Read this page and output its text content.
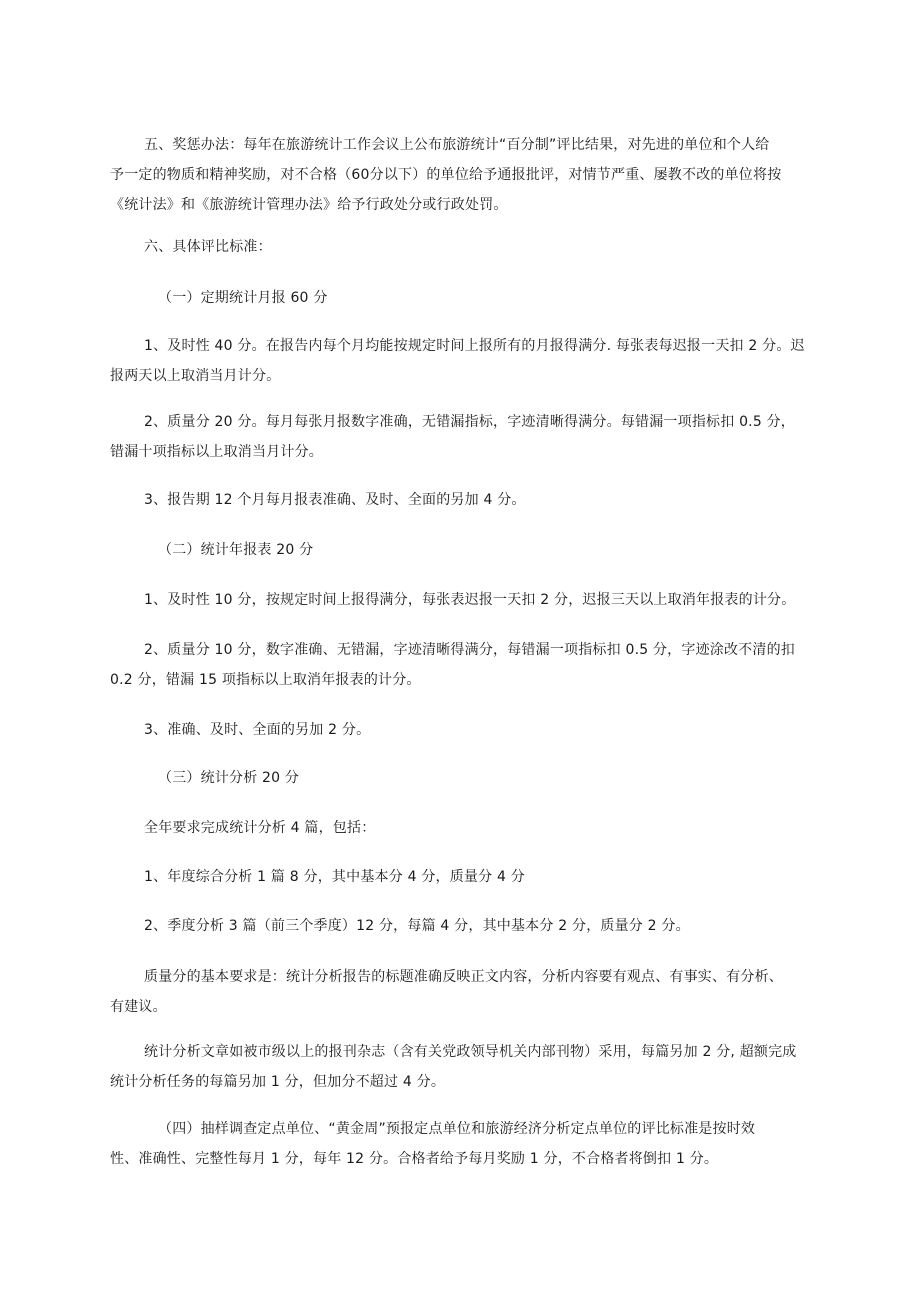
五、奖惩办法：每年在旅游统计工作会议上公布旅游统计“百分制”评比结果，对先进的单位和个人给
予一定的物质和精神奖励，对不合格（60分以下）的单位给予通报批评，对情节严重、屡教不改的单位将按
《统计法》和《旅游统计管理办法》给予行政处分或行政处罚。
六、具体评比标准：
（一）定期统计月报 60 分
1、及时性 40 分。在报告内每个月均能按规定时间上报所有的月报得满分. 每张表每迟报一天扣 2 分。迟
报两天以上取消当月计分。
2、质量分 20 分。每月每张月报数字准确，无错漏指标，字迹清晰得满分。每错漏一项指标扣 0.5 分，
错漏十项指标以上取消当月计分。
3、报告期 12 个月每月报表准确、及时、全面的另加 4 分。
（二）统计年报表 20 分
1、及时性 10 分，按规定时间上报得满分，每张表迟报一天扣 2 分，迟报三天以上取消年报表的计分。
2、质量分 10 分，数字准确、无错漏，字迹清晰得满分，每错漏一项指标扣 0.5 分，字迹涂改不清的扣
0.2 分，错漏 15 项指标以上取消年报表的计分。
3、准确、及时、全面的另加 2 分。
（三）统计分析 20 分
全年要求完成统计分析 4 篇，包括：
1、年度综合分析 1 篇 8 分，其中基本分 4 分，质量分 4 分
2、季度分析 3 篇（前三个季度）12 分，每篇 4 分，其中基本分 2 分，质量分 2 分。
质量分的基本要求是：统计分析报告的标题准确反映正文内容，分析内容要有观点、有事实、有分析、
有建议。
统计分析文章如被市级以上的报刊杂志（含有关党政领导机关内部刊物）采用，每篇另加 2 分, 超额完成
统计分析任务的每篇另加 1 分，但加分不超过 4 分。
（四）抽样调查定点单位、“黄金周”预报定点单位和旅游经济分析定点单位的评比标准是按时效
性、准确性、完整性每月 1 分，每年 12 分。合格者给予每月奖励 1 分，不合格者将倒扣 1 分。
